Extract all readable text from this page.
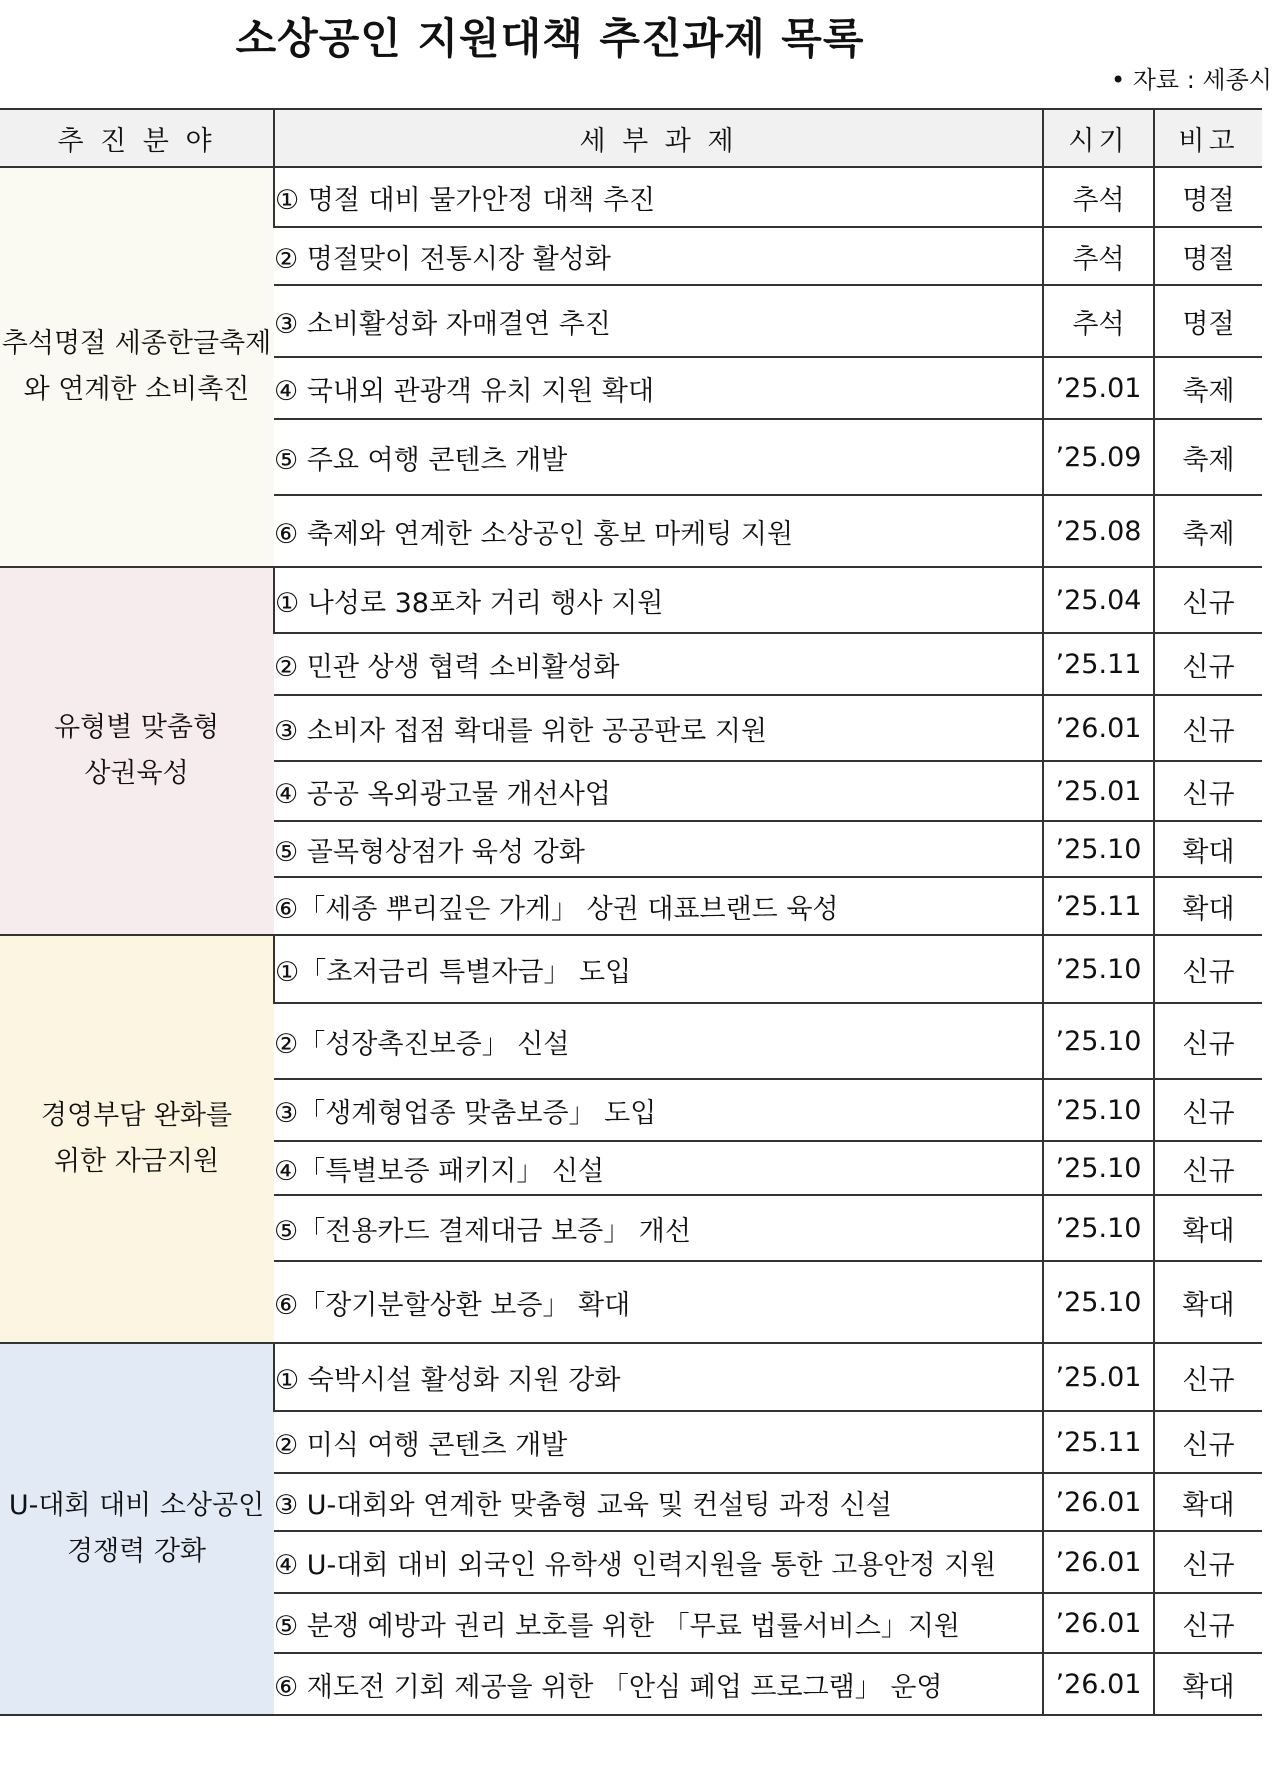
소상공인 지원대책 추진과제 목록
• 자료 : 세종시
추 진 분 야	세 부 과 제	시기	비고

추석명절 세종한글축제
와 연계한 소비촉진	① 명절 대비 물가안정 대책 추진	추석	명절
	② 명절맞이 전통시장 활성화	추석	명절
	③ 소비활성화 자매결연 추진	추석	명절
	④ 국내외 관광객 유치 지원 확대	’25.01	축제
	⑤ 주요 여행 콘텐츠 개발	’25.09	축제
	⑥ 축제와 연계한 소상공인 홍보 마케팅 지원	’25.08	축제

유형별 맞춤형
상권육성	① 나성로 38포차 거리 행사 지원	’25.04	신규
	② 민관 상생 협력 소비활성화	’25.11	신규
	③ 소비자 접점 확대를 위한 공공판로 지원	’26.01	신규
	④ 공공 옥외광고물 개선사업	’25.01	신규
	⑤ 골목형상점가 육성 강화	’25.10	확대
	⑥「세종 뿌리깊은 가게」 상권 대표브랜드 육성	’25.11	확대

경영부담 완화를
위한 자금지원	①「초저금리 특별자금」 도입	’25.10	신규
	②「성장촉진보증」 신설	’25.10	신규
	③「생계형업종 맞춤보증」 도입	’25.10	신규
	④「특별보증 패키지」 신설	’25.10	신규
	⑤「전용카드 결제대금 보증」 개선	’25.10	확대
	⑥「장기분할상환 보증」 확대	’25.10	확대

U-대회 대비 소상공인
경쟁력 강화	① 숙박시설 활성화 지원 강화	’25.01	신규
	② 미식 여행 콘텐츠 개발	’25.11	신규
	③ U-대회와 연계한 맞춤형 교육 및 컨설팅 과정 신설	’26.01	확대
	④ U-대회 대비 외국인 유학생 인력지원을 통한 고용안정 지원	’26.01	신규
	⑤ 분쟁 예방과 권리 보호를 위한 「무료 법률서비스」지원	’26.01	신규
	⑥ 재도전 기회 제공을 위한 「안심 폐업 프로그램」 운영	’26.01	확대
